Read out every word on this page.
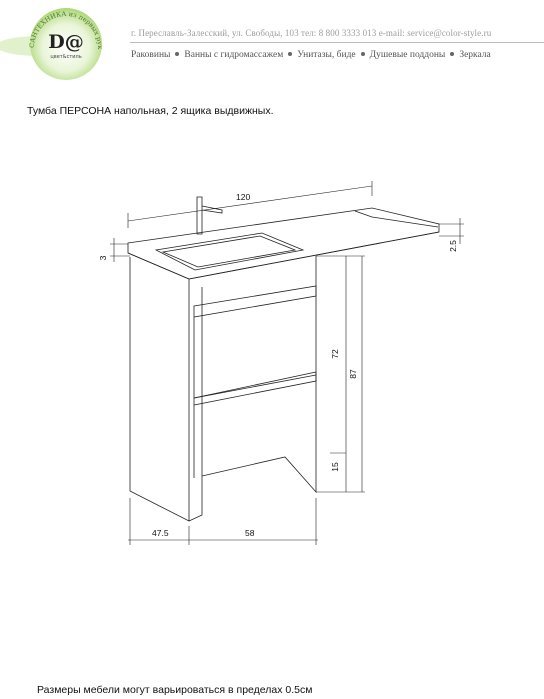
САНТЕХНИКА из первых рук
D@
цвет&стиль
г. Переславль-Залесский, ул. Свободы, 103 тел: 8 800 3333 013 e-mail: service@color-style.ru
Раковины Ванны с гидромассажем Унитазы, биде Душевые поддоны Зеркала
Тумба ПЕРСОНА напольная, 2 ящика выдвижных.
120
3
2.5
72
87
15
47.5	58
Размеры мебели могут варьироваться в пределах 0.5см
